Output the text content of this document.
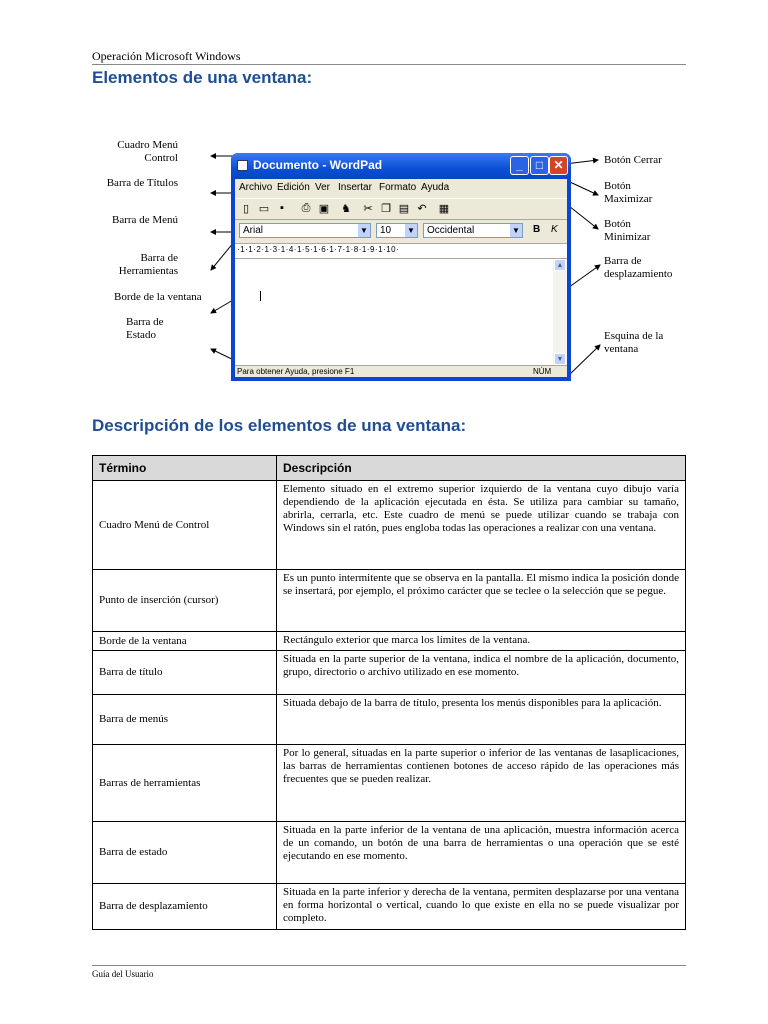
Operación Microsoft Windows
Elementos de una ventana:
Cuadro Menú Control
Barra de Títulos
Barra de Menú
Barra de Herramientas
Borde de la ventana
Barra de Estado
Botón Cerrar
Botón Maximizar
Botón Minimizar
Barra de desplazamiento
Esquina de la ventana
Documento - WordPad	_	□ ✕
Archivo Edición Ver Insertar Formato Ayuda
▯ ▭ ▪	⎙ ▣ ♞ ✂ ❐ ▤ ↶ ▦
Arial	▼ 10 ▼ Occidental	▼ B K
·1·1·2·1·3·1·4·1·5·1·6·1·7·1·8·1·9·1·10·
▲
▼
Para obtener Ayuda, presione F1	NÚM
Descripción de los elementos de una ventana:
Término	Descripción
Cuadro Menú de Control	Elemento situado en el extremo superior izquierdo de la ventana cuyo dibujo varía dependiendo de la aplicación ejecutada en ésta. Se utiliza para cambiar su tamaño, abrirla, cerrarla, etc. Este cuadro de menú se puede utilizar cuando se trabaja con Windows sin el ratón, pues engloba todas las operaciones a realizar con una ventana.
Punto de inserción (cursor)	Es un punto intermitente que se observa en la pantalla. El mismo indica la posición donde se insertará, por ejemplo, el próximo carácter que se teclee o la selección que se pegue.
Borde de la ventana	Rectángulo exterior que marca los límites de la ventana.
Barra de título	Situada en la parte superior de la ventana, indica el nombre de la aplicación, documento, grupo, directorio o archivo utilizado en ese momento.
Barra de menús	Situada debajo de la barra de título, presenta los menús disponibles para la aplicación.
Barras de herramientas	Por lo general, situadas en la parte superior o inferior de las ventanas de lasaplicaciones, las barras de herramientas contienen botones de acceso rápido de las operaciones más frecuentes que se pueden realizar.
Barra de estado	Situada en la parte inferior de la ventana de una aplicación, muestra información acerca de un comando, un botón de una barra de herramientas o una operación que se esté ejecutando en ese momento.
Barra de desplazamiento	Situada en la parte inferior y derecha de la ventana, permiten desplazarse por una ventana en forma horizontal o vertical, cuando lo que existe en ella no se puede visualizar por completo.
Guía del Usuario
